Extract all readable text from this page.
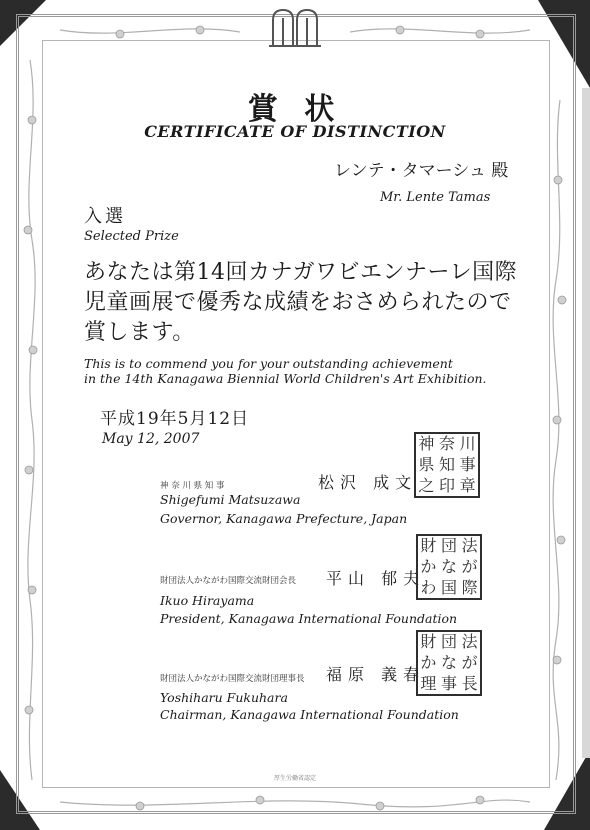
賞 状
CERTIFICATE OF DISTINCTION
レンテ・タマーシュ 殿
Mr. Lente Tamas
入選
Selected Prize
あなたは第14回カナガワビエンナーレ国際児童画展で優秀な成績をおさめられたので賞します。
This is to commend you for your outstanding achievement
in the 14th Kanagawa Biennial World Children's Art Exhibition.
平成19年5月12日
May 12, 2007
神 奈 川 県 知 事	松沢 成文
Shigefumi Matsuzawa
Governor, Kanagawa Prefecture, Japan
神 奈 川
県 知 事
之 印 章
財団法人かながわ国際交流財団会長 平山 郁夫
Ikuo Hirayama
President, Kanagawa International Foundation
財 団 法
か な が
わ 国 際
財団法人かながわ国際交流財団理事長 福原 義春
Yoshiharu Fukuhara
Chairman, Kanagawa International Foundation
財 団 法
か な が
理 事 長
厚生労働省認定
